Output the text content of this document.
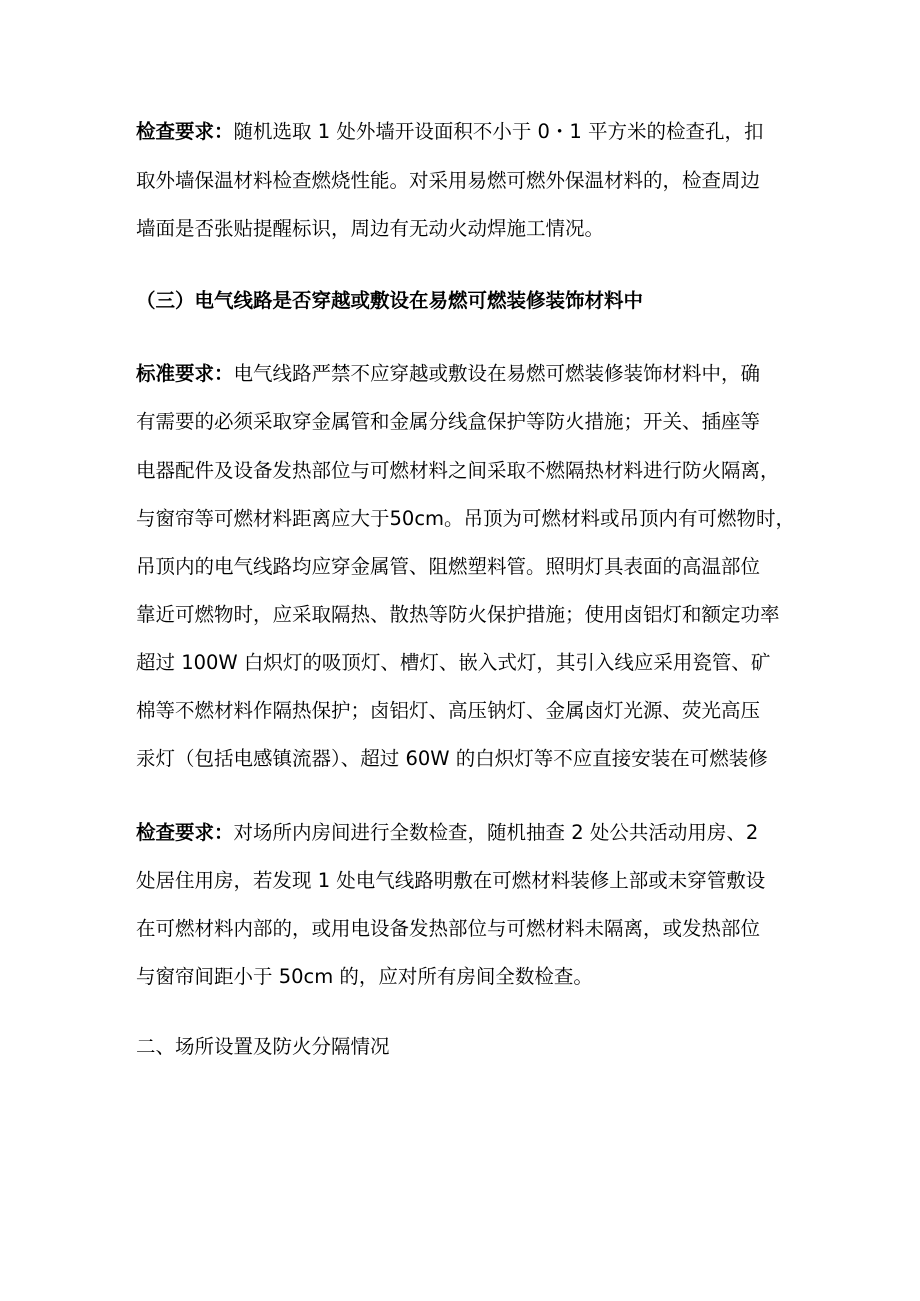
检查要求：随机选取 1 处外墙开设面积不小于 0・1 平方米的检查孔，扣
取外墙保温材料检查燃烧性能。对采用易燃可燃外保温材料的，检查周边
墙面是否张贴提醒标识，周边有无动火动焊施工情况。
（三）电气线路是否穿越或敷设在易燃可燃装修装饰材料中
标准要求：电气线路严禁不应穿越或敷设在易燃可燃装修装饰材料中，确
有需要的必须采取穿金属管和金属分线盒保护等防火措施；开关、插座等
电器配件及设备发热部位与可燃材料之间采取不燃隔热材料进行防火隔离，
与窗帘等可燃材料距离应大于50cm。吊顶为可燃材料或吊顶内有可燃物时，
吊顶内的电气线路均应穿金属管、阻燃塑料管。照明灯具表面的高温部位
靠近可燃物时，应采取隔热、散热等防火保护措施；使用卤铝灯和额定功率
超过 100W 白炽灯的吸顶灯、槽灯、嵌入式灯，其引入线应采用瓷管、矿
棉等不燃材料作隔热保护；卤铝灯、高压钠灯、金属卤灯光源、荧光高压
汞灯（包括电感镇流器）、超过 60W 的白炽灯等不应直接安装在可燃装修
检查要求：对场所内房间进行全数检查，随机抽查 2 处公共活动用房、2
处居住用房，若发现 1 处电气线路明敷在可燃材料装修上部或未穿管敷设
在可燃材料内部的，或用电设备发热部位与可燃材料未隔离，或发热部位
与窗帘间距小于 50cm 的，应对所有房间全数检查。
二、场所设置及防火分隔情况
